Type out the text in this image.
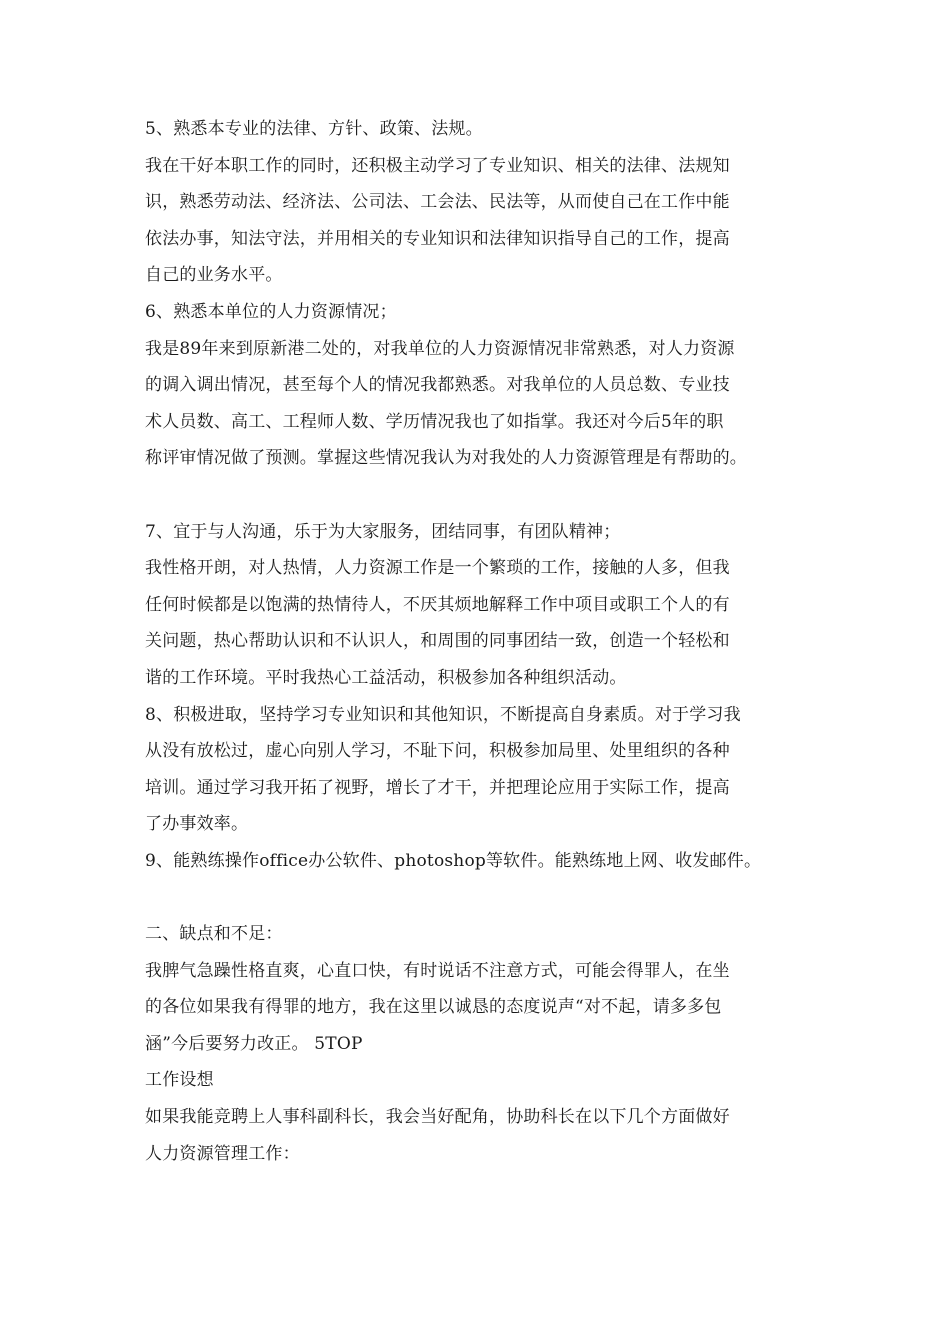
5、熟悉本专业的法律、方针、政策、法规。
我在干好本职工作的同时，还积极主动学习了专业知识、相关的法律、法规知
识，熟悉劳动法、经济法、公司法、工会法、民法等，从而使自己在工作中能
依法办事，知法守法，并用相关的专业知识和法律知识指导自己的工作，提高
自己的业务水平。
6、熟悉本单位的人力资源情况；
我是89年来到原新港二处的，对我单位的人力资源情况非常熟悉，对人力资源
的调入调出情况，甚至每个人的情况我都熟悉。对我单位的人员总数、专业技
术人员数、高工、工程师人数、学历情况我也了如指掌。我还对今后5年的职
称评审情况做了预测。掌握这些情况我认为对我处的人力资源管理是有帮助的。
7、宜于与人沟通，乐于为大家服务，团结同事，有团队精神；
我性格开朗，对人热情，人力资源工作是一个繁琐的工作，接触的人多，但我
任何时候都是以饱满的热情待人，不厌其烦地解释工作中项目或职工个人的有
关问题，热心帮助认识和不认识人，和周围的同事团结一致，创造一个轻松和
谐的工作环境。平时我热心工益活动，积极参加各种组织活动。
8、积极进取，坚持学习专业知识和其他知识，不断提高自身素质。对于学习我
从没有放松过，虚心向别人学习，不耻下问，积极参加局里、处里组织的各种
培训。通过学习我开拓了视野，增长了才干，并把理论应用于实际工作，提高
了办事效率。
9、能熟练操作office办公软件、photoshop等软件。能熟练地上网、收发邮件。
二、缺点和不足：
我脾气急躁性格直爽，心直口快，有时说话不注意方式，可能会得罪人，在坐
的各位如果我有得罪的地方，我在这里以诚恳的态度说声“对不起，请多多包
涵”今后要努力改正。 5TOP
工作设想
如果我能竞聘上人事科副科长，我会当好配角，协助科长在以下几个方面做好
人力资源管理工作：
